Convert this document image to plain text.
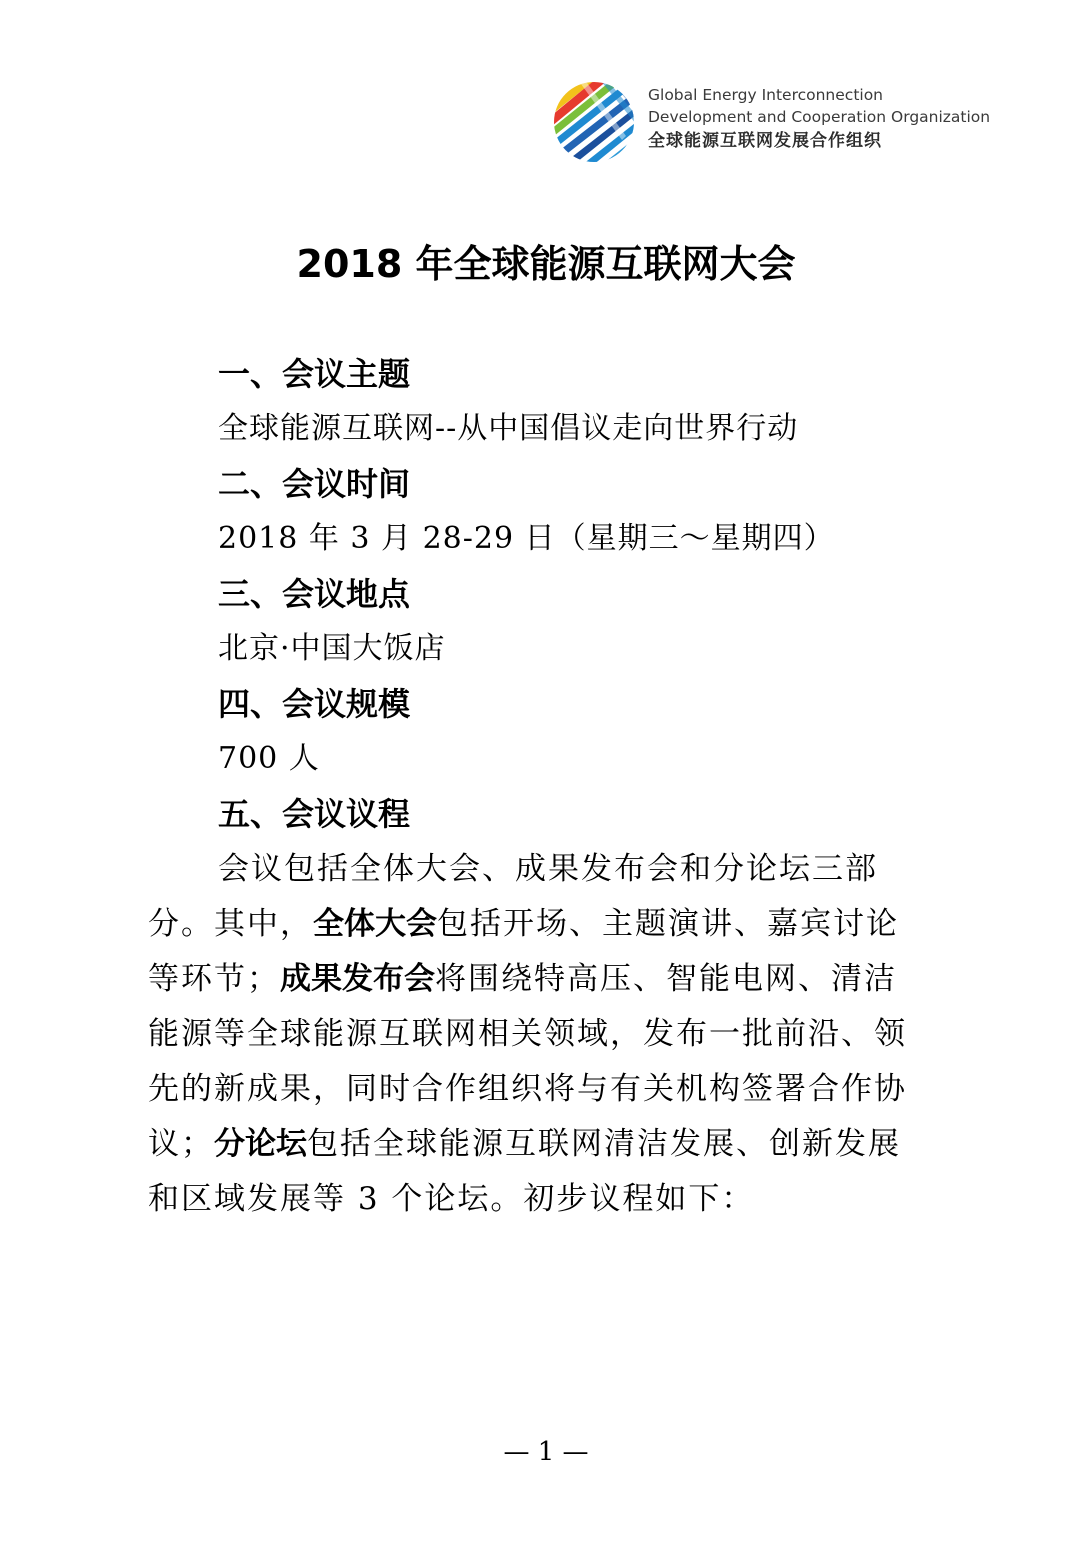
Global Energy Interconnection
Development and Cooperation Organization
全球能源互联网发展合作组织
2018 年全球能源互联网大会
一、会议主题
全球能源互联网--从中国倡议走向世界行动
二、会议时间
2018 年 3 月 28-29 日（星期三～星期四）
三、会议地点
北京·中国大饭店
四、会议规模
700 人
五、会议议程
会议包括全体大会、成果发布会和分论坛三部
分。其中，全体大会包括开场、主题演讲、嘉宾讨论
等环节；成果发布会将围绕特高压、智能电网、清洁
能源等全球能源互联网相关领域，发布一批前沿、领
先的新成果，同时合作组织将与有关机构签署合作协
议；分论坛包括全球能源互联网清洁发展、创新发展
和区域发展等 3 个论坛。初步议程如下：
— 1 —
